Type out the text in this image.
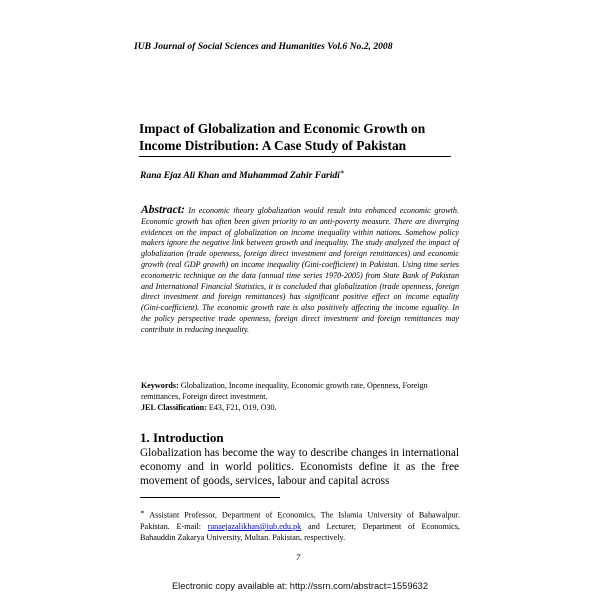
IUB Journal of Social Sciences and Humanities Vol.6 No.2, 2008
Impact of Globalization and Economic Growth on Income Distribution: A Case Study of Pakistan
Rana Ejaz Ali Khan and Muhammad Zahir Faridi∗

Abstract: In economic theory globalization would result into enhanced economic growth. Economic growth has often been given priority to an anti-poverty measure. There are diverging evidences on the impact of globalization on income inequality within nations. Somehow policy makers ignore the negative link between growth and inequality. The study analyzed the impact of globalization (trade openness, foreign direct investment and foreign remittances) and economic growth (real GDP growth) on income inequality (Gini-coefficient) in Pakistan. Using time series econometric technique on the data (annual time series 1970-2005) from State Bank of Pakistan and International Financial Statistics, it is concluded that globalization (trade openness, foreign direct investment and foreign remittances) has significant positive effect on income equality (Gini-coefficient). The economic growth rate is also positively affecting the income equality. In the policy perspective trade openness, foreign direct investment and foreign remittances may contribute in reducing inequality.

Keywords: Globalization, Income inequality, Economic growth rate, Openness, Foreign remittances, Foreign direct investment.
JEL Classification: E43, F21, O19, O30.

1. Introduction

Globalization has become the way to describe changes in international economy and in world politics. Economists define it as the free movement of goods, services, labour and capital across

∗ Assistant Professor, Department of Economics, The Islamia University of Bahawalpur. Pakistan. E-mail: ranaejazalikhan@iub.edu.pk and Lecturer, Department of Economics, Bahauddin Zakarya University, Multan. Pakistan, respectively.

7
Electronic copy available at: http://ssrn.com/abstract=1559632
